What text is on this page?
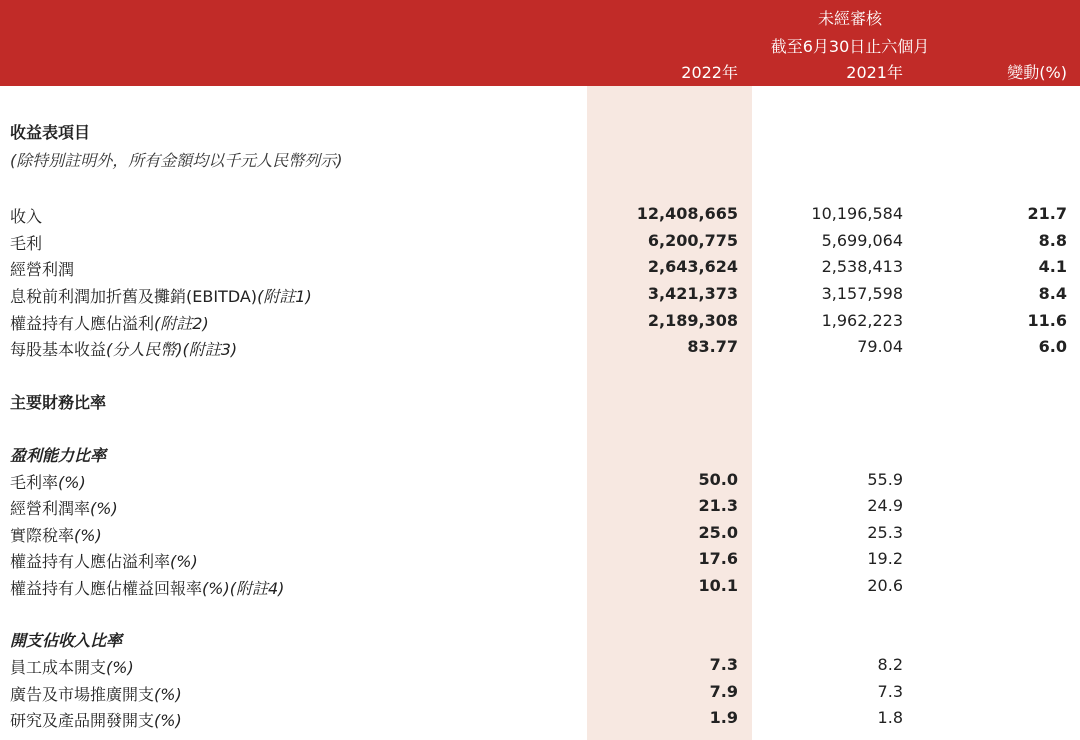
未經審核
截至6月30日止六個月
2022年	2021年	變動(%)
收益表項目
(除特別註明外，所有金額均以千元人民幣列示)
收入	12,408,665	10,196,584	21.7
毛利	6,200,775	5,699,064	8.8
經營利潤	2,643,624	2,538,413	4.1
息稅前利潤加折舊及攤銷(EBITDA)(附註1)	3,421,373	3,157,598	8.4
權益持有人應佔溢利(附註2)	2,189,308	1,962,223	11.6
每股基本收益(分人民幣)(附註3)	83.77	79.04	6.0
主要財務比率
盈利能力比率
毛利率(%)	50.0	55.9
經營利潤率(%)	21.3	24.9
實際稅率(%)	25.0	25.3
權益持有人應佔溢利率(%)	17.6	19.2
權益持有人應佔權益回報率(%)(附註4)	10.1	20.6
開支佔收入比率
員工成本開支(%)	7.3	8.2
廣告及市場推廣開支(%)	7.9	7.3
研究及產品開發開支(%)	1.9	1.8
